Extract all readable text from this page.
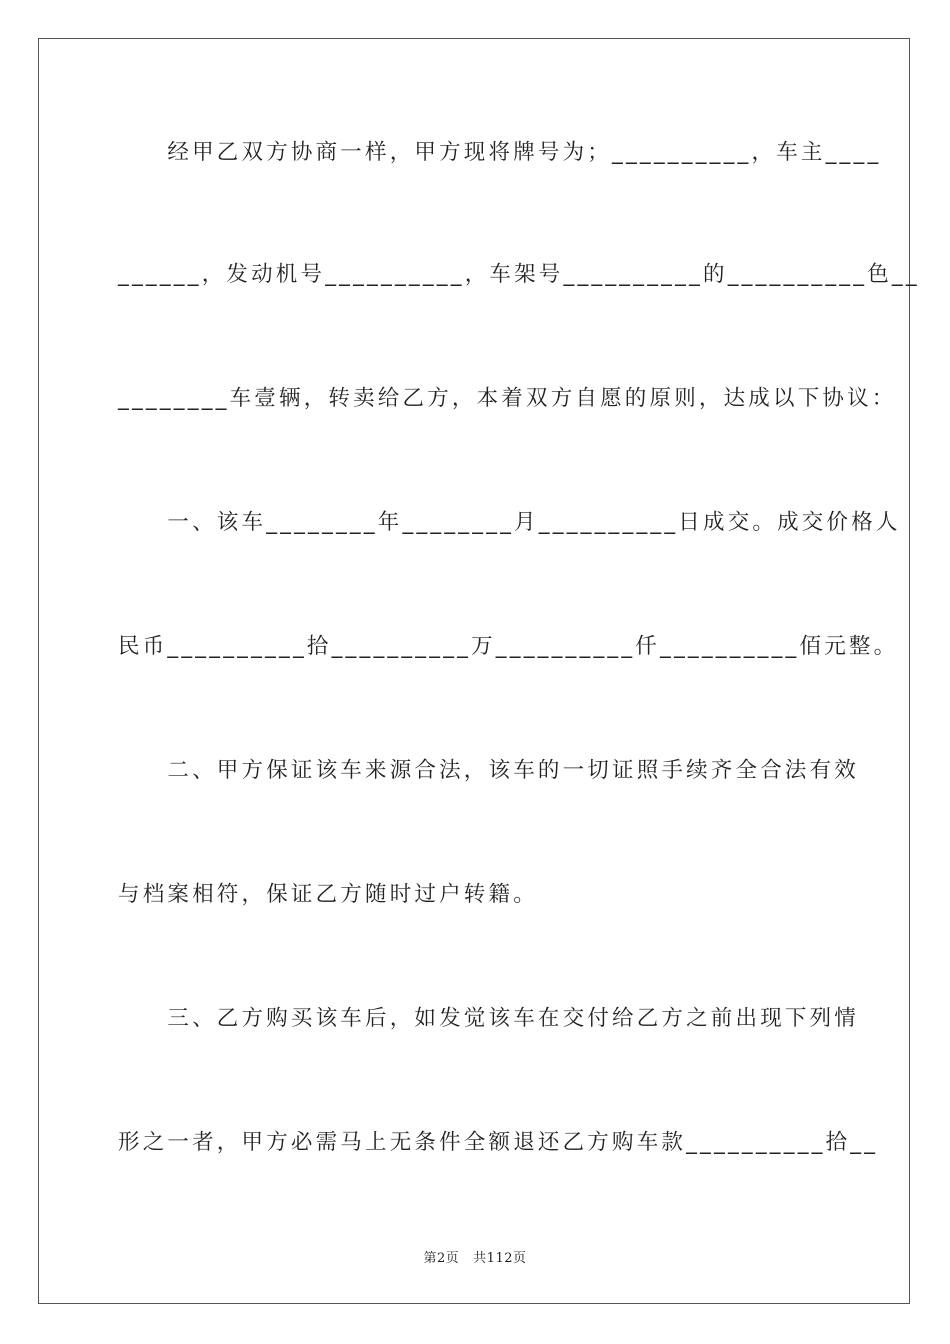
　　经甲乙双方协商一样，甲方现将牌号为；__________，车主____
______，发动机号__________，车架号__________的__________色__
________车壹辆，转卖给乙方，本着双方自愿的原则，达成以下协议：
　　一、该车________年________月__________日成交。成交价格人
民币__________拾__________万__________仟__________佰元整。
　　二、甲方保证该车来源合法，该车的一切证照手续齐全合法有效
与档案相符，保证乙方随时过户转籍。
　　三、乙方购买该车后，如发觉该车在交付给乙方之前出现下列情
形之一者，甲方必需马上无条件全额退还乙方购车款__________拾__
第2页 共112页
